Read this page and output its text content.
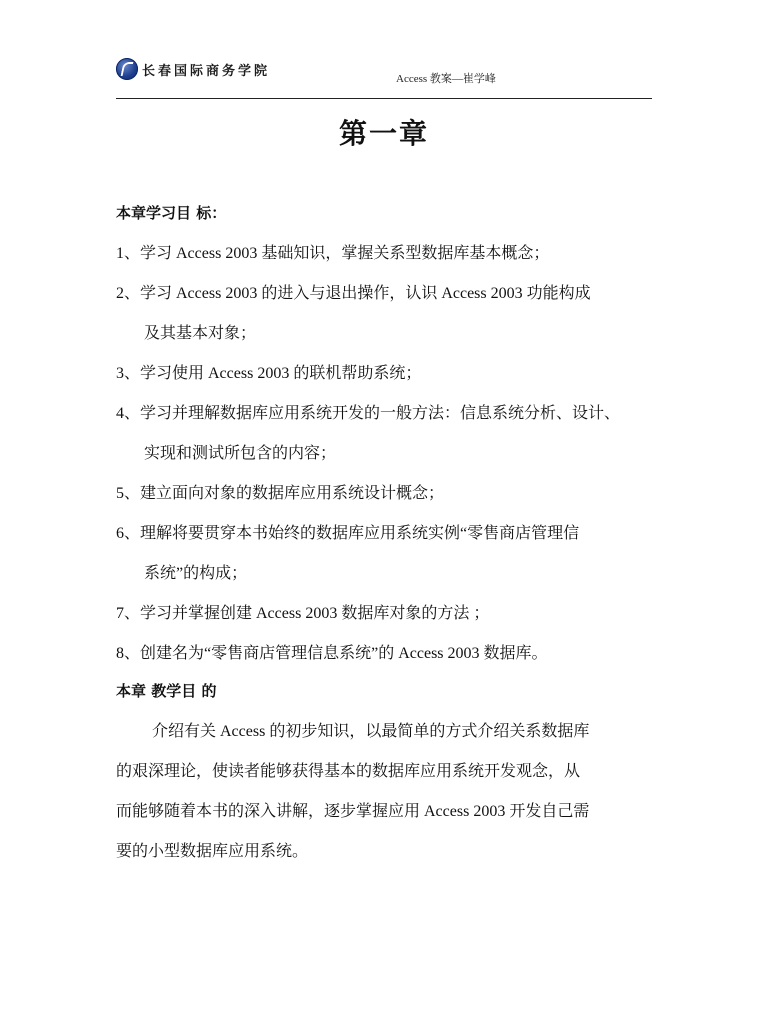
长春国际商务学院
Access 教案—崔学峰
第一章
本章学习目 标：
1、学习 Access 2003 基础知识，掌握关系型数据库基本概念；
2、学习 Access 2003 的进入与退出操作，认识 Access 2003 功能构成
及其基本对象；
3、学习使用 Access 2003 的联机帮助系统；
4、学习并理解数据库应用系统开发的一般方法：信息系统分析、设计、
实现和测试所包含的内容；
5、建立面向对象的数据库应用系统设计概念；
6、理解将要贯穿本书始终的数据库应用系统实例“零售商店管理信
系统”的构成；
7、学习并掌握创建 Access 2003 数据库对象的方法 ；
8、创建名为“零售商店管理信息系统”的 Access 2003 数据库。
本章 教学目 的
介绍有关 Access 的初步知识，以最简单的方式介绍关系数据库
的艰深理论，使读者能够获得基本的数据库应用系统开发观念，从
而能够随着本书的深入讲解，逐步掌握应用 Access 2003 开发自己需
要的小型数据库应用系统。
